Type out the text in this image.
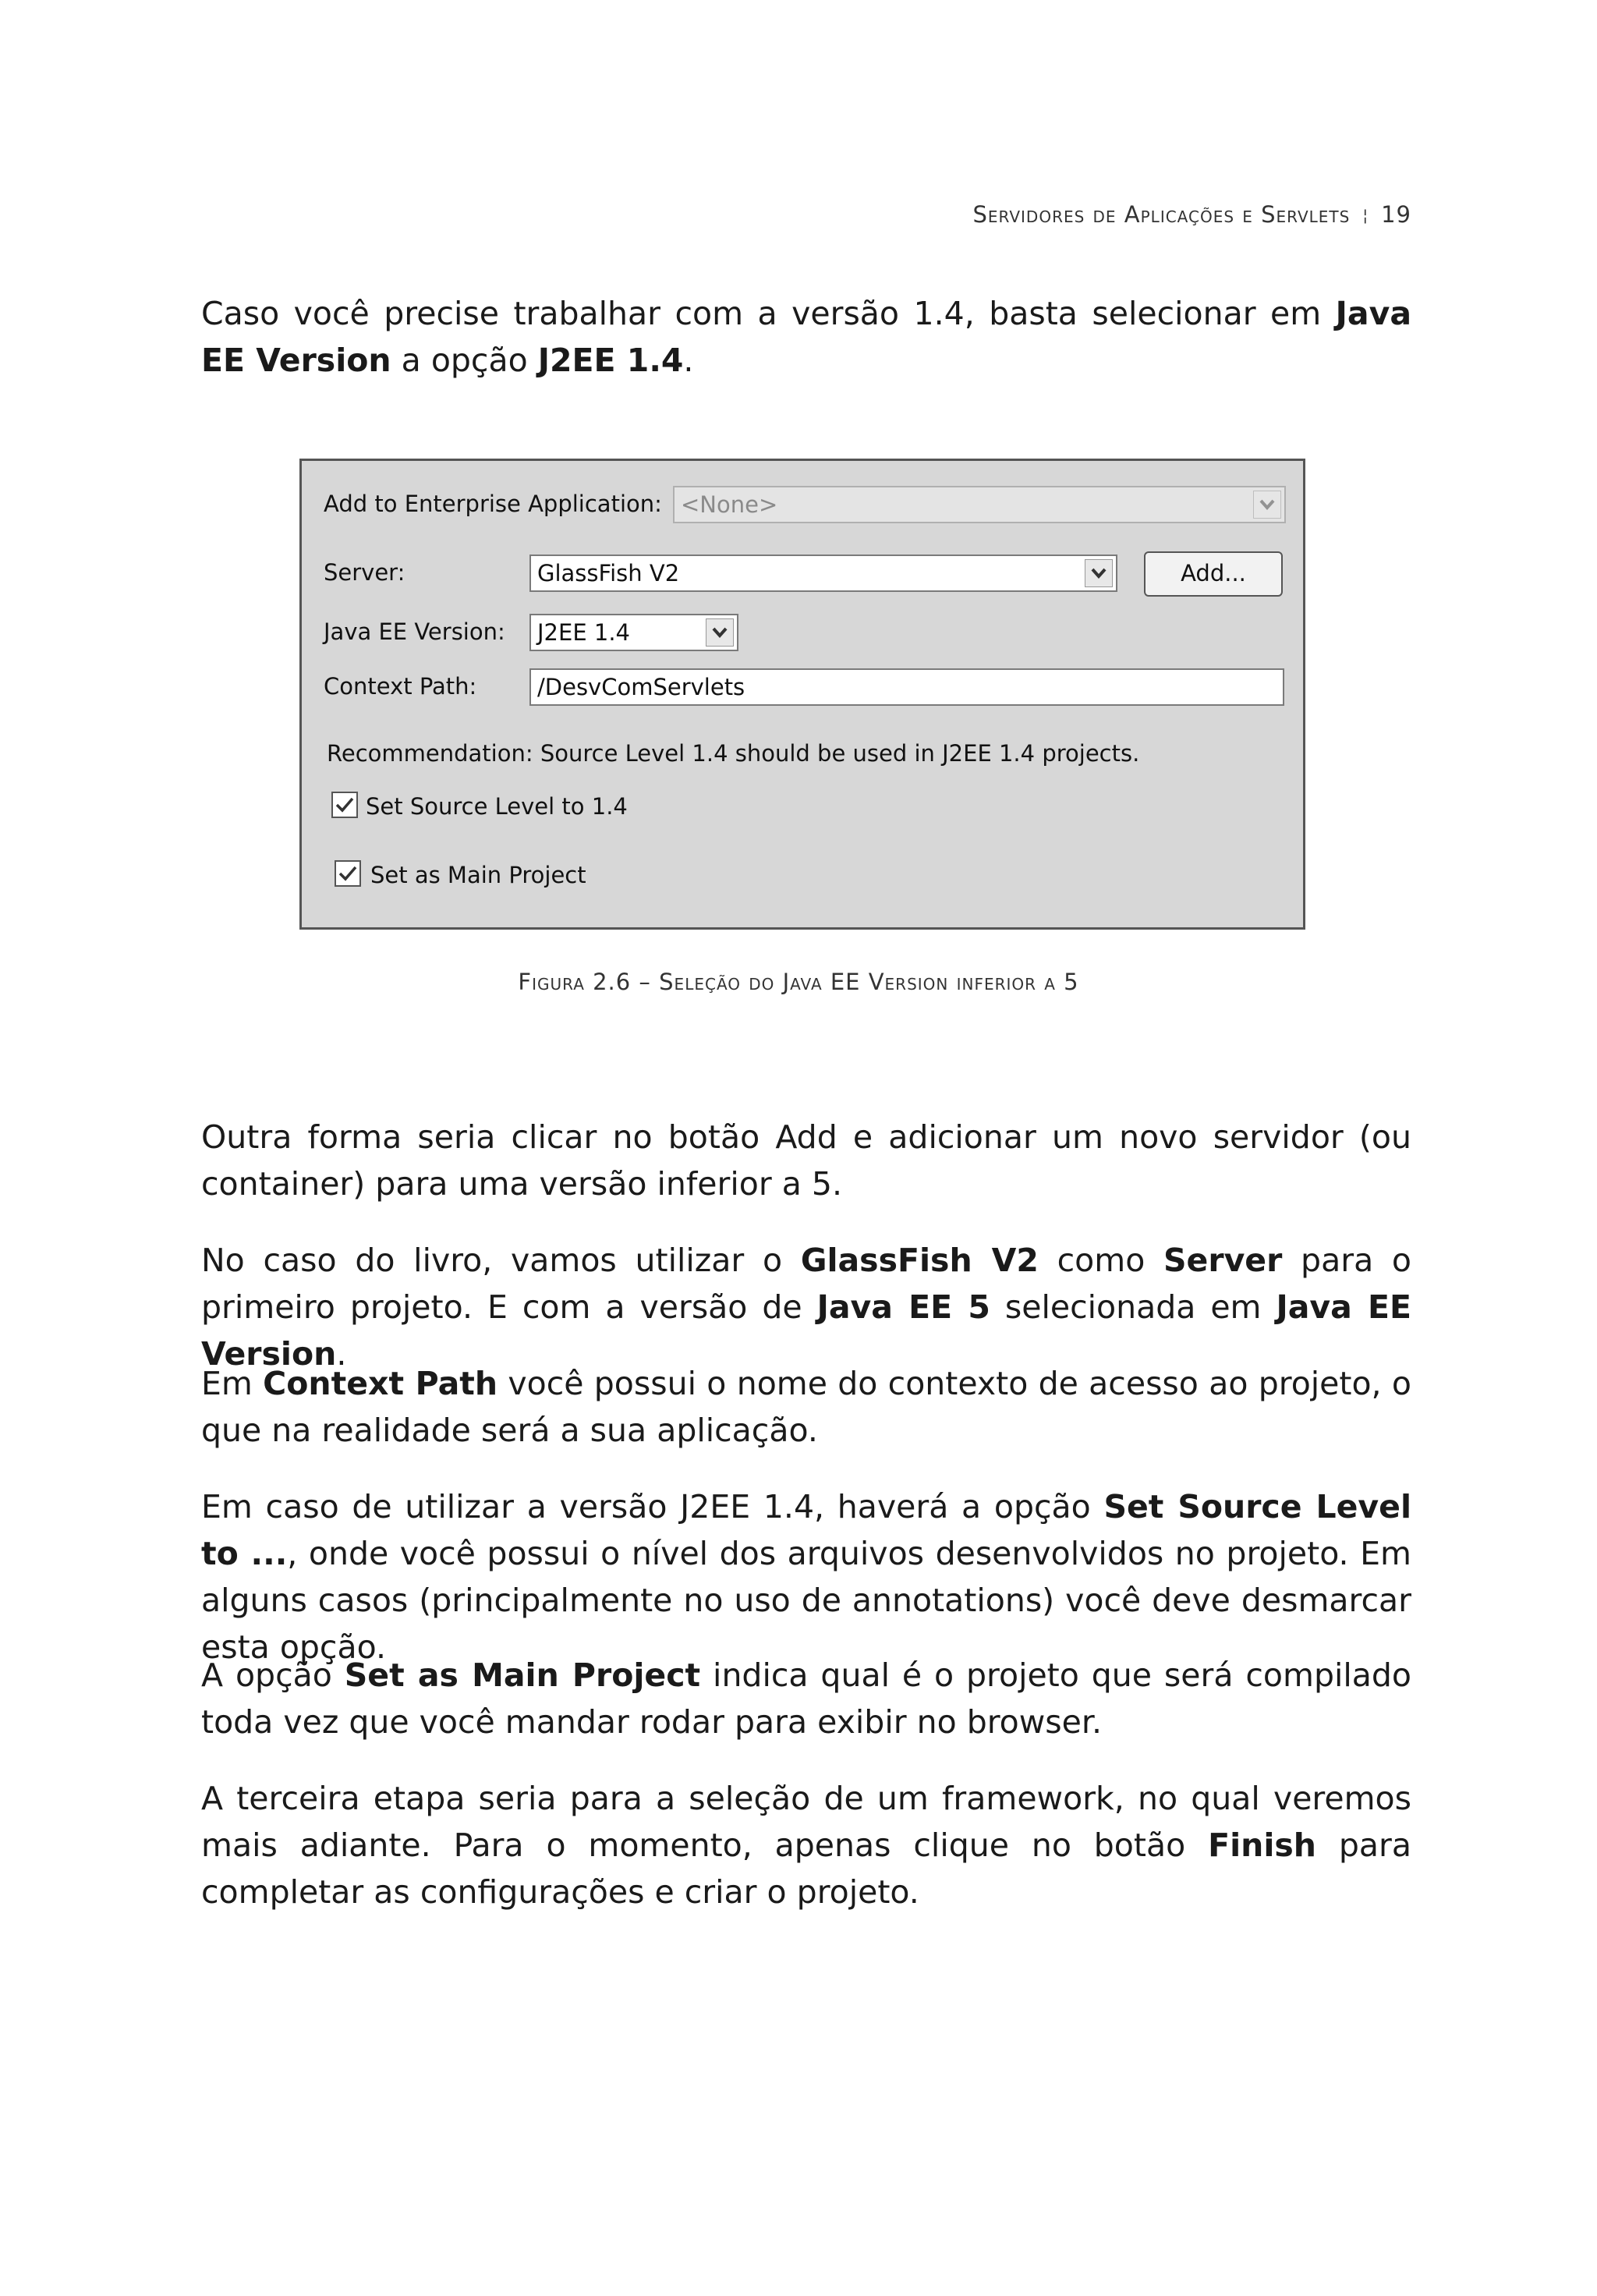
Servidores de Aplicações e Servlets ¦ 19

Caso você precise trabalhar com a versão 1.4, basta selecionar em Java EE Version a opção J2EE 1.4.

Add to Enterprise Application: <None>
Server:	GlassFish V2	Add...
Java EE Version:	J2EE 1.4
Context Path:	/DesvComServlets
Recommendation: Source Level 1.4 should be used in J2EE 1.4 projects.
Set Source Level to 1.4
Set as Main Project
Figura 2.6 – Seleção do Java EE Version inferior a 5

Outra forma seria clicar no botão Add e adicionar um novo servidor (ou container) para uma versão inferior a 5.

No caso do livro, vamos utilizar o GlassFish V2 como Server para o primeiro projeto. E com a versão de Java EE 5 selecionada em Java EE Version.

Em Context Path você possui o nome do contexto de acesso ao projeto, o que na realidade será a sua aplicação.

Em caso de utilizar a versão J2EE 1.4, haverá a opção Set Source Level to ..., onde você possui o nível dos arquivos desenvolvidos no projeto. Em alguns casos (principalmente no uso de annotations) você deve desmarcar esta opção.

A opção Set as Main Project indica qual é o projeto que será compilado toda vez que você mandar rodar para exibir no browser.

A terceira etapa seria para a seleção de um framework, no qual veremos mais adiante. Para o momento, apenas clique no botão Finish para completar as configurações e criar o projeto.
